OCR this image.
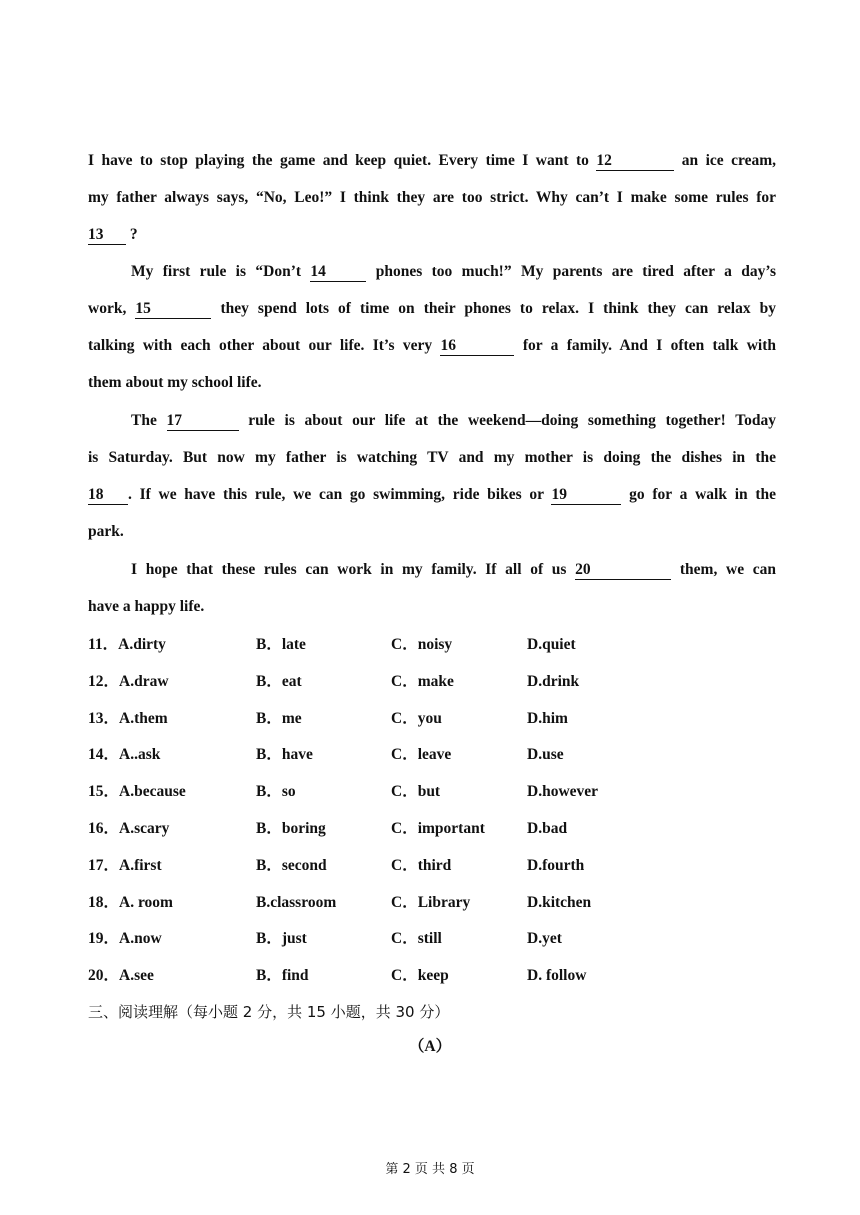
I have to stop playing the game and keep quiet. Every time I want to 12	an ice cream,
my father always says, “No, Leo!” I think they are too strict. Why can’t I make some rules for
13 ?
My first rule is “Don’t 14	phones too much!” My parents are tired after a day’s
work, 15	they spend lots of time on their phones to relax. I think they can relax by
talking with each other about our life. It’s very 16	for a family. And I often talk with
them about my school life.
The 17	rule is about our life at the weekend—doing something together! Today
is Saturday. But now my father is watching TV and my mother is doing the dishes in the
18 . If we have this rule, we can go swimming, ride bikes or 19	go for a walk in the
park.
I hope that these rules can work in my family. If all of us 20	them, we can
have a happy life.
11．A.dirty	B．late	C．noisy	D.quiet
12．A.draw	B．eat	C．make	D.drink
13．A.them	B．me	C．you	D.him
14．A..ask	B．have	C．leave	D.use
15．A.because	B．so	C．but	D.however
16．A.scary	B．boring	C．important	D.bad
17．A.first	B．second	C．third	D.fourth
18．A. room	B.classroom	C．Library	D.kitchen
19．A.now	B．just	C．still	D.yet
20．A.see	B．find	C．keep	D. follow

三、阅读理解（每小题 2 分，共 15 小题，共 30 分）

（A）

第 2 页 共 8 页
